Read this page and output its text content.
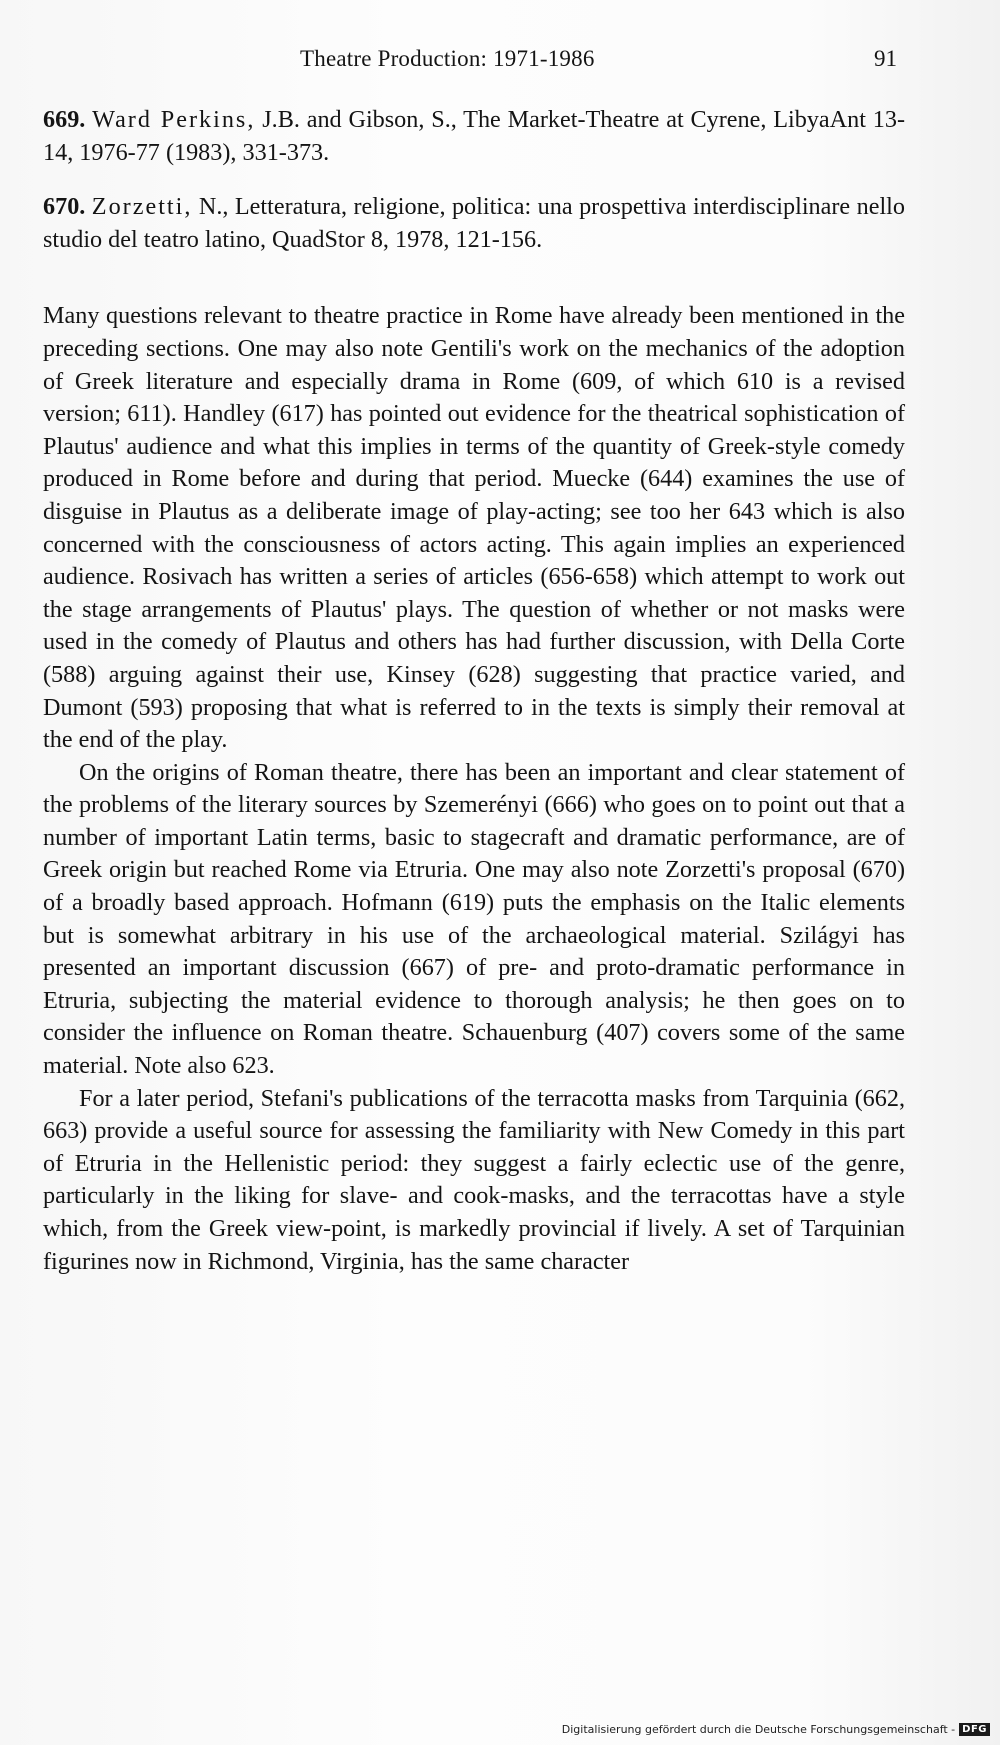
Theatre Production: 1971-1986	91

669. Ward Perkins, J.B. and Gibson, S., The Market-Theatre at Cyrene, LibyaAnt 13-14, 1976-77 (1983), 331-373.

670. Zorzetti, N., Letteratura, religione, politica: una prospettiva interdisciplinare nello studio del teatro latino, QuadStor 8, 1978, 121-156.

Many questions relevant to theatre practice in Rome have already been mentioned in the preceding sections. One may also note Gentili's work on the mechanics of the adoption of Greek literature and especially drama in Rome (609, of which 610 is a revised version; 611). Handley (617) has pointed out evidence for the theatrical sophistication of Plautus' audience and what this implies in terms of the quantity of Greek-style comedy produced in Rome before and during that period. Muecke (644) examines the use of disguise in Plautus as a deliberate image of play-acting; see too her 643 which is also concerned with the consciousness of actors acting. This again implies an experienced audience. Rosivach has written a series of articles (656-658) which attempt to work out the stage arrangements of Plautus' plays. The question of whether or not masks were used in the comedy of Plautus and others has had further discussion, with Della Corte (588) arguing against their use, Kinsey (628) suggesting that practice varied, and Dumont (593) proposing that what is referred to in the texts is simply their removal at the end of the play.

On the origins of Roman theatre, there has been an important and clear statement of the problems of the literary sources by Szemerényi (666) who goes on to point out that a number of important Latin terms, basic to stagecraft and dramatic performance, are of Greek origin but reached Rome via Etruria. One may also note Zorzetti's proposal (670) of a broadly based approach. Hofmann (619) puts the emphasis on the Italic elements but is somewhat arbitrary in his use of the archaeological material. Szilágyi has presented an important discussion (667) of pre- and proto-dramatic performance in Etruria, subjecting the material evidence to thorough analysis; he then goes on to consider the influence on Roman theatre. Schauenburg (407) covers some of the same material. Note also 623.

For a later period, Stefani's publications of the terracotta masks from Tarquinia (662, 663) provide a useful source for assessing the familiarity with New Comedy in this part of Etruria in the Hellenistic period: they suggest a fairly eclectic use of the genre, particularly in the liking for slave- and cook-masks, and the terracottas have a style which, from the Greek view-point, is markedly provincial if lively. A set of Tarquinian figurines now in Richmond, Virginia, has the same character

Digitalisierung gefördert durch die Deutsche Forschungsgemeinschaft - DFG
